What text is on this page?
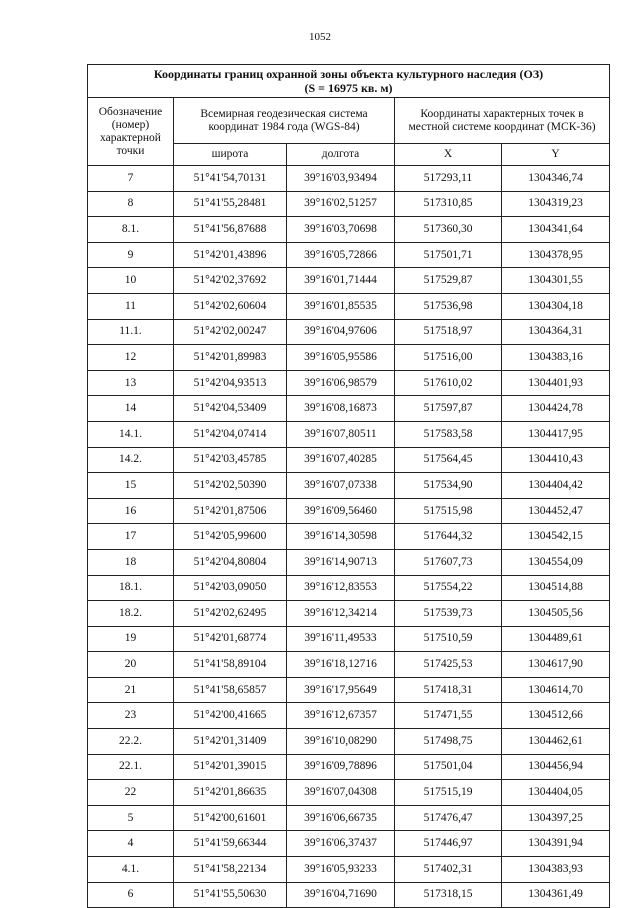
1052
Координаты границ охранной зоны объекта культурного наследия (ОЗ)
(S = 16975 кв. м)				

Обозначение
(номер)
характерной
точки	Всемирная геодезическая система координат 1984 года (WGS-84)		Координаты характерных точек в местной системе координат (МСК-36)	
	широта	долгота	X	Y
7	51°41'54,70131	39°16'03,93494	517293,11	1304346,74
8	51°41'55,28481	39°16'02,51257	517310,85	1304319,23
8.1.	51°41'56,87688	39°16'03,70698	517360,30	1304341,64
9	51°42'01,43896	39°16'05,72866	517501,71	1304378,95
10	51°42'02,37692	39°16'01,71444	517529,87	1304301,55
11	51°42'02,60604	39°16'01,85535	517536,98	1304304,18
11.1.	51°42'02,00247	39°16'04,97606	517518,97	1304364,31
12	51°42'01,89983	39°16'05,95586	517516,00	1304383,16
13	51°42'04,93513	39°16'06,98579	517610,02	1304401,93
14	51°42'04,53409	39°16'08,16873	517597,87	1304424,78
14.1.	51°42'04,07414	39°16'07,80511	517583,58	1304417,95
14.2.	51°42'03,45785	39°16'07,40285	517564,45	1304410,43
15	51°42'02,50390	39°16'07,07338	517534,90	1304404,42
16	51°42'01,87506	39°16'09,56460	517515,98	1304452,47
17	51°42'05,99600	39°16'14,30598	517644,32	1304542,15
18	51°42'04,80804	39°16'14,90713	517607,73	1304554,09
18.1.	51°42'03,09050	39°16'12,83553	517554,22	1304514,88
18.2.	51°42'02,62495	39°16'12,34214	517539,73	1304505,56
19	51°42'01,68774	39°16'11,49533	517510,59	1304489,61
20	51°41'58,89104	39°16'18,12716	517425,53	1304617,90
21	51°41'58,65857	39°16'17,95649	517418,31	1304614,70
23	51°42'00,41665	39°16'12,67357	517471,55	1304512,66
22.2.	51°42'01,31409	39°16'10,08290	517498,75	1304462,61
22.1.	51°42'01,39015	39°16'09,78896	517501,04	1304456,94
22	51°42'01,86635	39°16'07,04308	517515,19	1304404,05
5	51°42'00,61601	39°16'06,66735	517476,47	1304397,25
4	51°41'59,66344	39°16'06,37437	517446,97	1304391,94
4.1.	51°41'58,22134	39°16'05,93233	517402,31	1304383,93
6	51°41'55,50630	39°16'04,71690	517318,15	1304361,49
